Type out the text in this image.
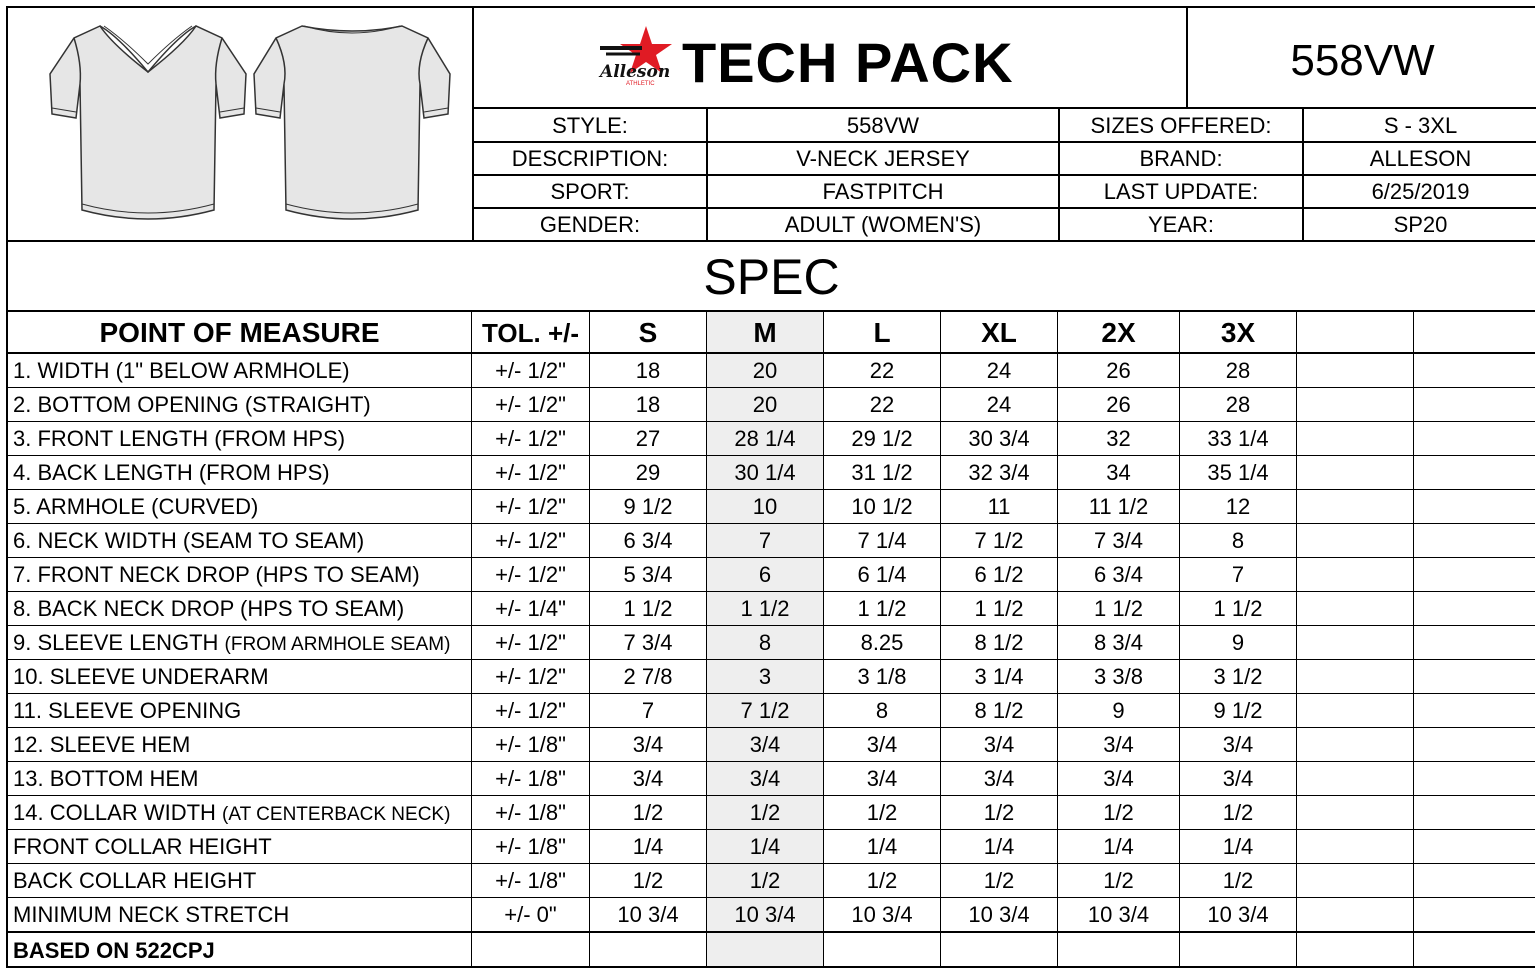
Alleson
ATHLETIC TECH PACK	558VW
STYLE:	558VW	SIZES OFFERED:	S - 3XL
DESCRIPTION:	V-NECK JERSEY	BRAND:	ALLESON
SPORT:	FASTPITCH	LAST UPDATE:	6/25/2019
GENDER:	ADULT (WOMEN'S)	YEAR:	SP20
SPEC
POINT OF MEASURE	TOL. +/-	S	M	L	XL	2X	3X
1. WIDTH (1" BELOW ARMHOLE)	+/- 1/2"	18	20	22	24	26	28
2. BOTTOM OPENING (STRAIGHT)	+/- 1/2"	18	20	22	24	26	28
3. FRONT LENGTH (FROM HPS)	+/- 1/2"	27	28 1/4	29 1/2	30 3/4	32	33 1/4
4. BACK LENGTH (FROM HPS)	+/- 1/2"	29	30 1/4	31 1/2	32 3/4	34	35 1/4
5. ARMHOLE (CURVED)	+/- 1/2"	9 1/2	10	10 1/2	11	11 1/2	12
6. NECK WIDTH (SEAM TO SEAM)	+/- 1/2"	6 3/4	7	7 1/4	7 1/2	7 3/4	8
7. FRONT NECK DROP (HPS TO SEAM)	+/- 1/2"	5 3/4	6	6 1/4	6 1/2	6 3/4	7
8. BACK NECK DROP (HPS TO SEAM)	+/- 1/4"	1 1/2	1 1/2	1 1/2	1 1/2	1 1/2	1 1/2
9. SLEEVE LENGTH (FROM ARMHOLE SEAM)	+/- 1/2"	7 3/4	8	8.25	8 1/2	8 3/4	9
10. SLEEVE UNDERARM	+/- 1/2"	2 7/8	3	3 1/8	3 1/4	3 3/8	3 1/2
11. SLEEVE OPENING	+/- 1/2"	7	7 1/2	8	8 1/2	9	9 1/2
12. SLEEVE HEM	+/- 1/8"	3/4	3/4	3/4	3/4	3/4	3/4
13. BOTTOM HEM	+/- 1/8"	3/4	3/4	3/4	3/4	3/4	3/4
14. COLLAR WIDTH (AT CENTERBACK NECK)	+/- 1/8"	1/2	1/2	1/2	1/2	1/2	1/2
FRONT COLLAR HEIGHT	+/- 1/8"	1/4	1/4	1/4	1/4	1/4	1/4
BACK COLLAR HEIGHT	+/- 1/8"	1/2	1/2	1/2	1/2	1/2	1/2
MINIMUM NECK STRETCH	+/- 0"	10 3/4	10 3/4	10 3/4	10 3/4	10 3/4	10 3/4
BASED ON 522CPJ
